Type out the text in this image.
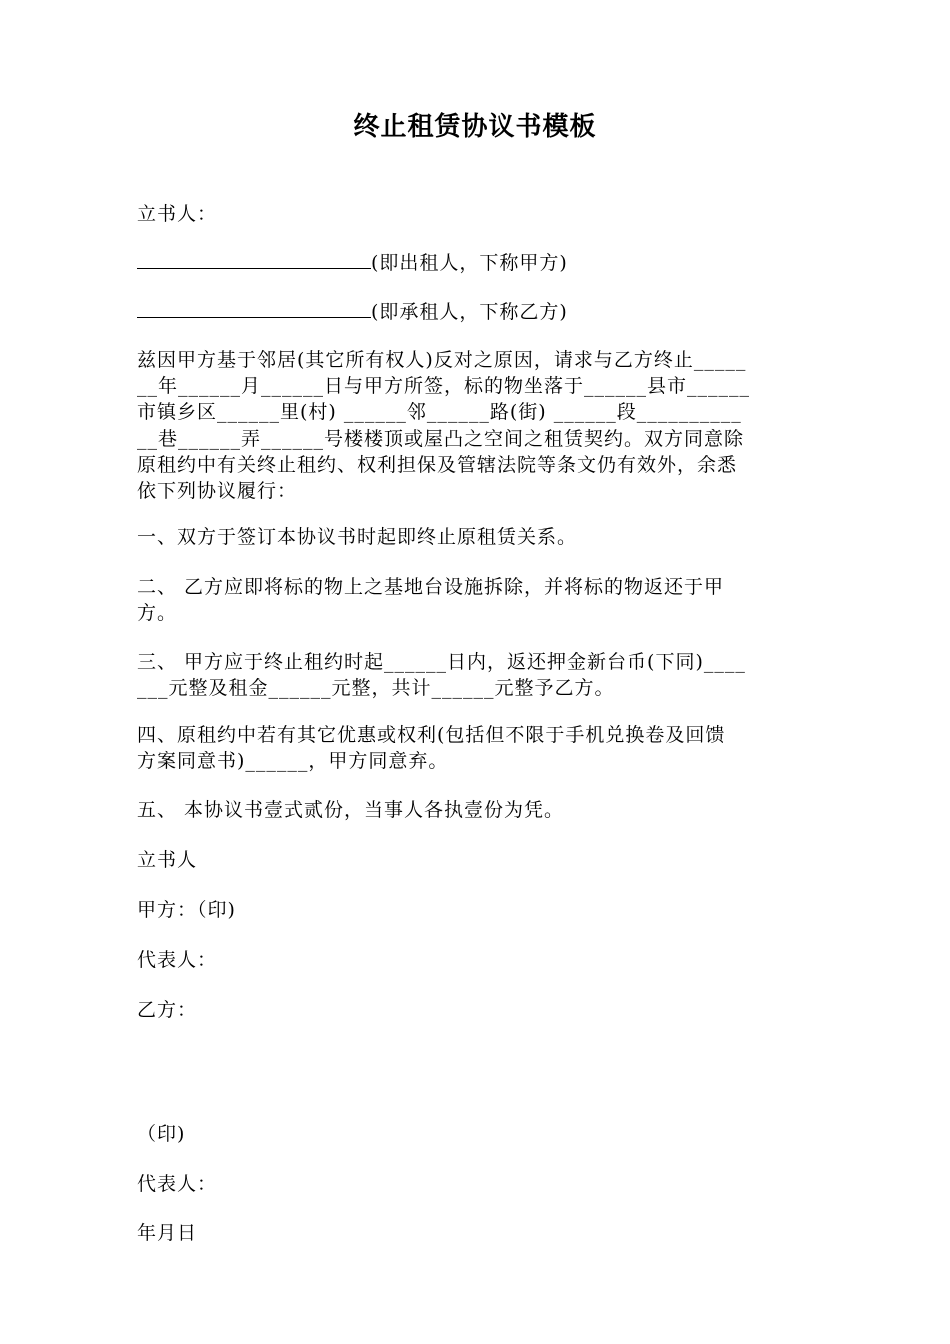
终止租赁协议书模板
立书人：
(即出租人，下称甲方)
(即承租人，下称乙方)
兹因甲方基于邻居(其它所有权人)反对之原因，请求与乙方终止_____
__年______月______日与甲方所签，标的物坐落于______县市______
市镇乡区______里(村) ______邻______路(街) ______段__________
__巷______弄______号楼楼顶或屋凸之空间之租赁契约。双方同意除
原租约中有关终止租约、权利担保及管辖法院等条文仍有效外，余悉
依下列协议履行：
一、双方于签订本协议书时起即终止原租赁关系。
二、 乙方应即将标的物上之基地台设施拆除，并将标的物返还于甲
方。
三、 甲方应于终止租约时起______日内，返还押金新台币(下同)____
___元整及租金______元整，共计______元整予乙方。
四、原租约中若有其它优惠或权利(包括但不限于手机兑换卷及回馈
方案同意书)______，甲方同意弃。
五、 本协议书壹式贰份，当事人各执壹份为凭。
立书人
甲方：（印)
代表人：
乙方：
（印)
代表人：
年月日
